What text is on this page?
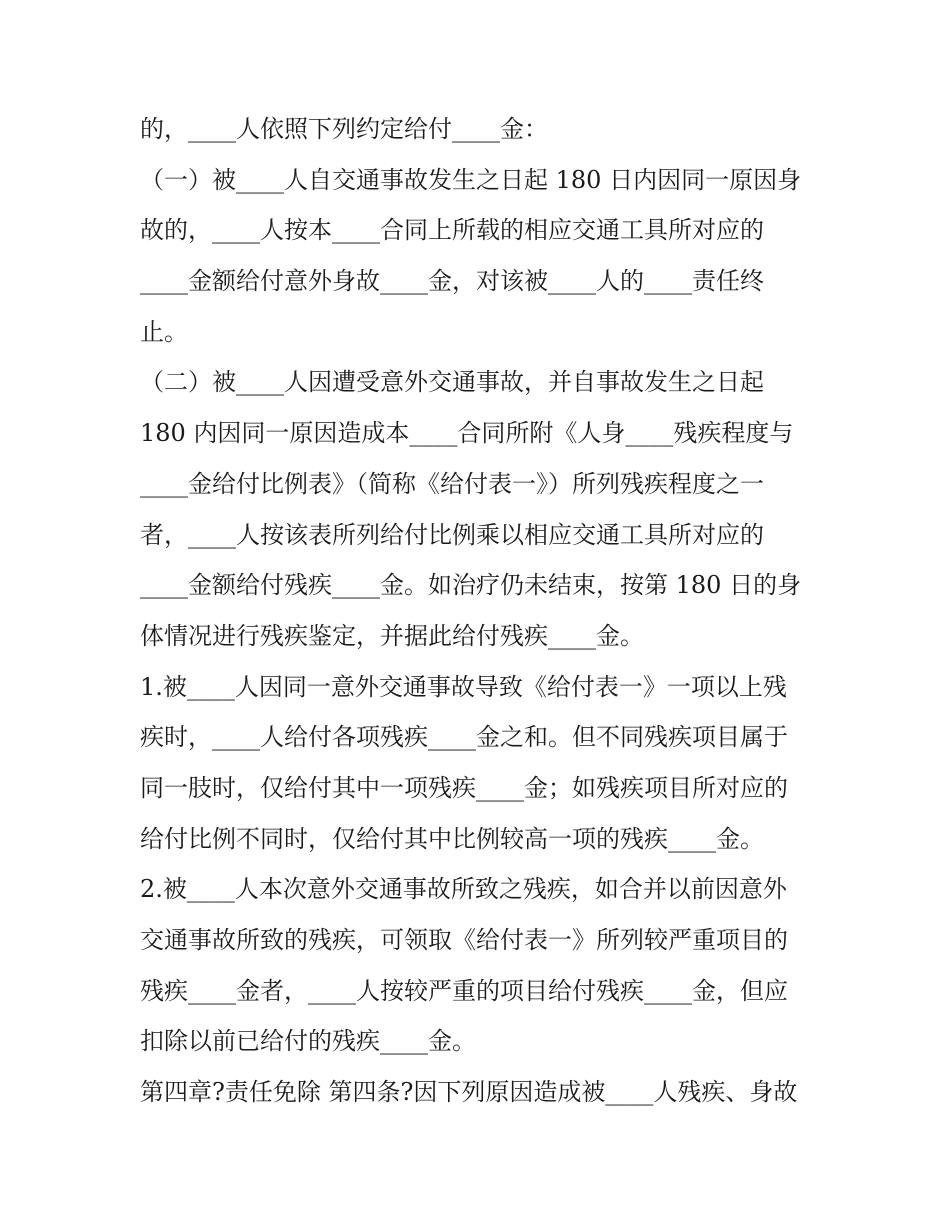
的，____人依照下列约定给付____金：
（一）被____人自交通事故发生之日起 180 日内因同一原因身
故的，____人按本____合同上所载的相应交通工具所对应的
____金额给付意外身故____金，对该被____人的____责任终
止。
（二）被____人因遭受意外交通事故，并自事故发生之日起
180 内因同一原因造成本____合同所附《人身____残疾程度与
____金给付比例表》（简称《给付表一》）所列残疾程度之一
者，____人按该表所列给付比例乘以相应交通工具所对应的
____金额给付残疾____金。如治疗仍未结束，按第 180 日的身
体情况进行残疾鉴定，并据此给付残疾____金。
1.被____人因同一意外交通事故导致《给付表一》一项以上残
疾时，____人给付各项残疾____金之和。但不同残疾项目属于
同一肢时，仅给付其中一项残疾____金；如残疾项目所对应的
给付比例不同时，仅给付其中比例较高一项的残疾____金。
2.被____人本次意外交通事故所致之残疾，如合并以前因意外
交通事故所致的残疾，可领取《给付表一》所列较严重项目的
残疾____金者，____人按较严重的项目给付残疾____金，但应
扣除以前已给付的残疾____金。
第四章?责任免除 第四条?因下列原因造成被____人残疾、身故
